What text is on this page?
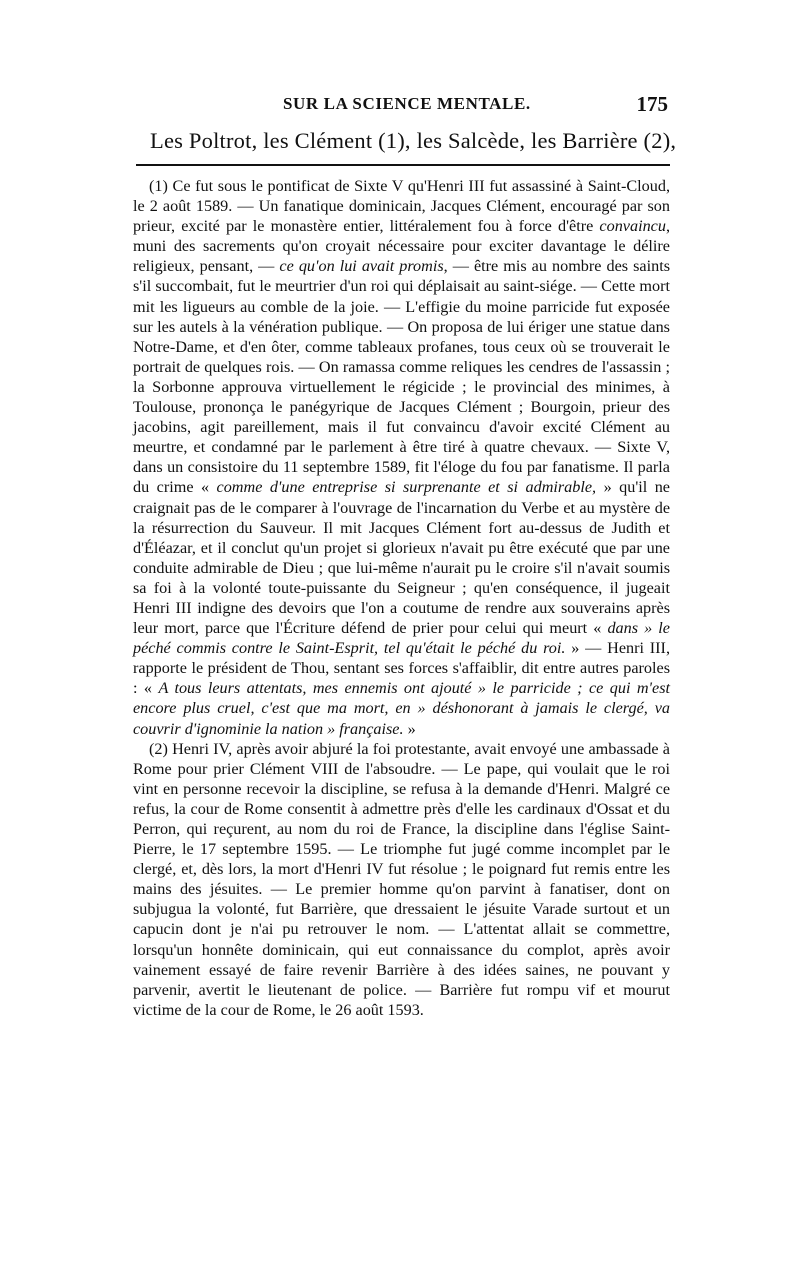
SUR LA SCIENCE MENTALE.	175
Les Poltrot, les Clément (1), les Salcède, les Barrière (2),

(1) Ce fut sous le pontificat de Sixte V qu'Henri III fut assassiné à Saint-Cloud, le 2 août 1589. — Un fanatique dominicain, Jacques Clément, encouragé par son prieur, excité par le monastère entier, littéralement fou à force d'être convaincu, muni des sacrements qu'on croyait nécessaire pour exciter davantage le délire religieux, pensant, — ce qu'on lui avait promis, — être mis au nombre des saints s'il succombait, fut le meurtrier d'un roi qui déplaisait au saint-siége. — Cette mort mit les ligueurs au comble de la joie. — L'effigie du moine parricide fut exposée sur les autels à la vénération publique. — On proposa de lui ériger une statue dans Notre-Dame, et d'en ôter, comme tableaux profanes, tous ceux où se trouverait le portrait de quelques rois. — On ramassa comme reliques les cendres de l'assassin ; la Sorbonne approuva virtuellement le régicide ; le provincial des minimes, à Toulouse, prononça le panégyrique de Jacques Clément ; Bourgoin, prieur des jacobins, agit pareillement, mais il fut convaincu d'avoir excité Clément au meurtre, et condamné par le parlement à être tiré à quatre chevaux. — Sixte V, dans un consistoire du 11 septembre 1589, fit l'éloge du fou par fanatisme. Il parla du crime « comme d'une entreprise si surprenante et si admirable, » qu'il ne craignait pas de le comparer à l'ouvrage de l'incarnation du Verbe et au mystère de la résurrection du Sauveur. Il mit Jacques Clément fort au-dessus de Judith et d'Éléazar, et il conclut qu'un projet si glorieux n'avait pu être exécuté que par une conduite admirable de Dieu ; que lui-même n'aurait pu le croire s'il n'avait soumis sa foi à la volonté toute-puissante du Seigneur ; qu'en conséquence, il jugeait Henri III indigne des devoirs que l'on a coutume de rendre aux souverains après leur mort, parce que l'Écriture défend de prier pour celui qui meurt « dans » le péché commis contre le Saint-Esprit, tel qu'était le péché du roi. » — Henri III, rapporte le président de Thou, sentant ses forces s'affaiblir, dit entre autres paroles : « A tous leurs attentats, mes ennemis ont ajouté » le parricide ; ce qui m'est encore plus cruel, c'est que ma mort, en » déshonorant à jamais le clergé, va couvrir d'ignominie la nation » française. »

(2) Henri IV, après avoir abjuré la foi protestante, avait envoyé une ambassade à Rome pour prier Clément VIII de l'absoudre. — Le pape, qui voulait que le roi vint en personne recevoir la discipline, se refusa à la demande d'Henri. Malgré ce refus, la cour de Rome consentit à admettre près d'elle les cardinaux d'Ossat et du Perron, qui reçurent, au nom du roi de France, la discipline dans l'église Saint-Pierre, le 17 septembre 1595. — Le triomphe fut jugé comme incomplet par le clergé, et, dès lors, la mort d'Henri IV fut résolue ; le poignard fut remis entre les mains des jésuites. — Le premier homme qu'on parvint à fanatiser, dont on subjugua la volonté, fut Barrière, que dressaient le jésuite Varade surtout et un capucin dont je n'ai pu retrouver le nom. — L'attentat allait se commettre, lorsqu'un honnête dominicain, qui eut connaissance du complot, après avoir vainement essayé de faire revenir Barrière à des idées saines, ne pouvant y parvenir, avertit le lieutenant de police. — Barrière fut rompu vif et mourut victime de la cour de Rome, le 26 août 1593.
